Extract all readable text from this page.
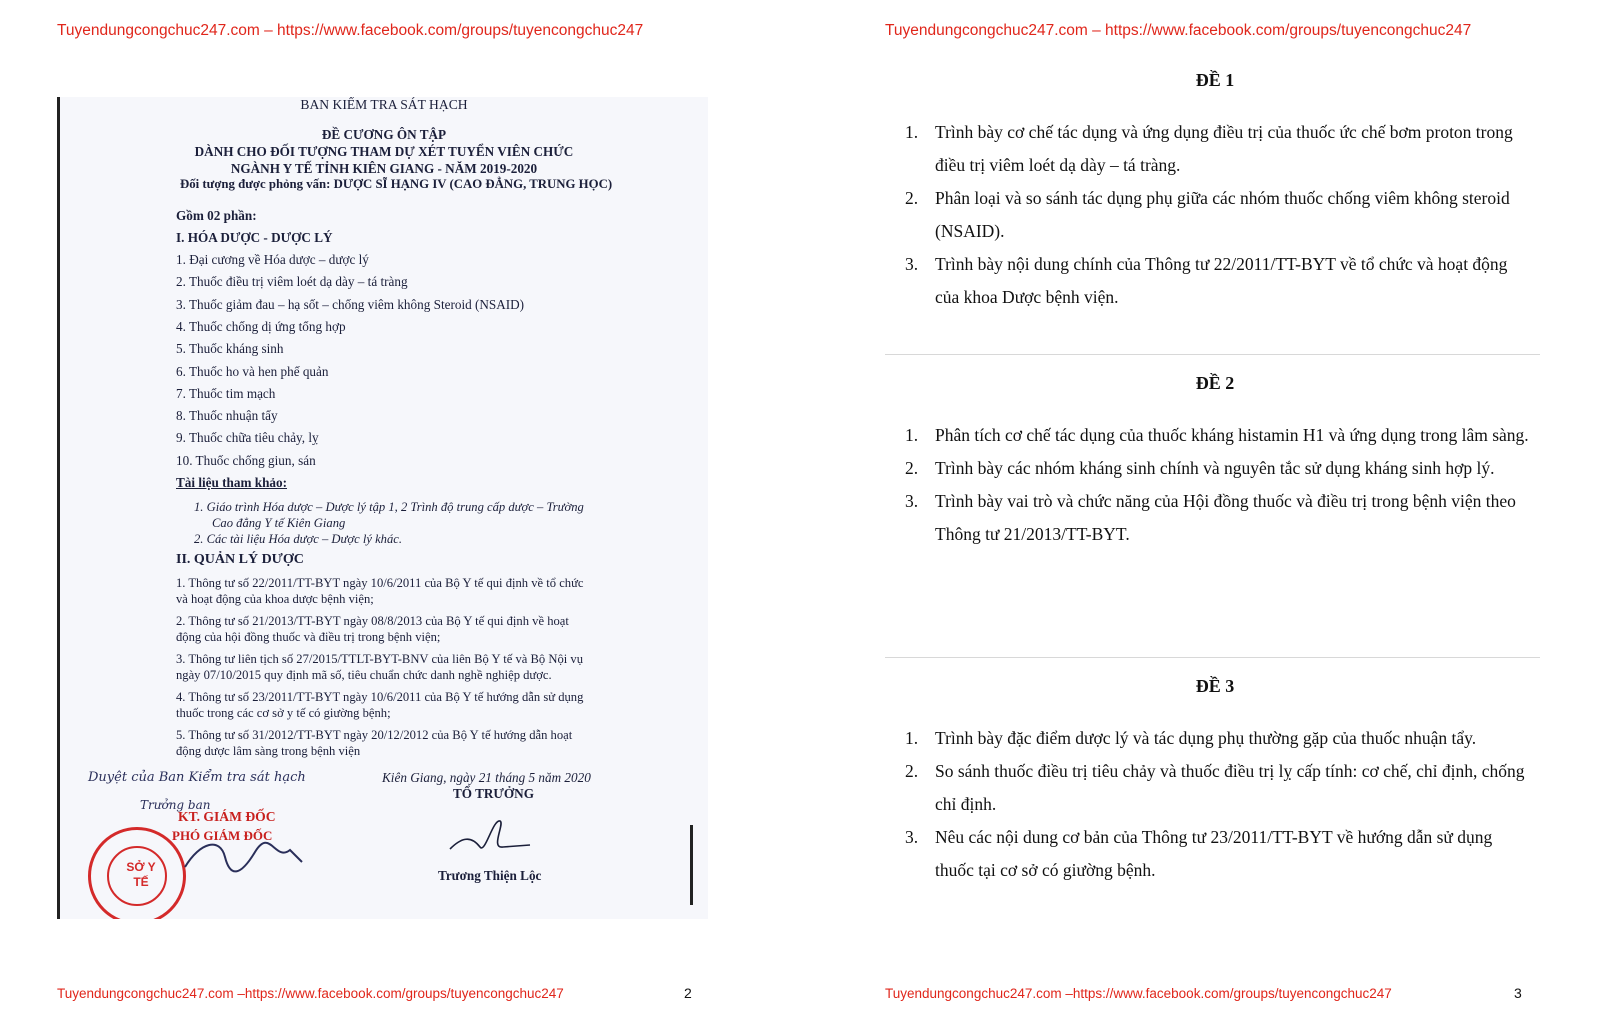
Tuyendungcongchuc247.com – https://www.facebook.com/groups/tuyencongchuc247
BAN KIỂM TRA SÁT HẠCH
ĐỀ CƯƠNG ÔN TẬP
DÀNH CHO ĐỐI TƯỢNG THAM DỰ XÉT TUYỂN VIÊN CHỨC
NGÀNH Y TẾ TỈNH KIÊN GIANG - NĂM 2019-2020
Đối tượng được phỏng vấn: DƯỢC SĨ HẠNG IV (CAO ĐẲNG, TRUNG HỌC)
Gồm 02 phần:
I. HÓA DƯỢC - DƯỢC LÝ
1. Đại cương về Hóa dược – dược lý
2. Thuốc điều trị viêm loét dạ dày – tá tràng
3. Thuốc giảm đau – hạ sốt – chống viêm không Steroid (NSAID)
4. Thuốc chống dị ứng tổng hợp
5. Thuốc kháng sinh
6. Thuốc ho và hen phế quản
7. Thuốc tim mạch
8. Thuốc nhuận tẩy
9. Thuốc chữa tiêu chảy, lỵ
10. Thuốc chống giun, sán
Tài liệu tham khảo:
1. Giáo trình Hóa dược – Dược lý tập 1, 2 Trình độ trung cấp dược – Trường
Cao đẳng Y tế Kiên Giang
2. Các tài liệu Hóa dược – Dược lý khác.
II. QUẢN LÝ DƯỢC
1. Thông tư số 22/2011/TT-BYT ngày 10/6/2011 của Bộ Y tế qui định về tổ chức
và hoạt động của khoa dược bệnh viện;
2. Thông tư số 21/2013/TT-BYT ngày 08/8/2013 của Bộ Y tế qui định về hoạt
động của hội đồng thuốc và điều trị trong bệnh viện;
3. Thông tư liên tịch số 27/2015/TTLT-BYT-BNV của liên Bộ Y tế và Bộ Nội vụ
ngày 07/10/2015 quy định mã số, tiêu chuẩn chức danh nghề nghiệp dược.
4. Thông tư số 23/2011/TT-BYT ngày 10/6/2011 của Bộ Y tế hướng dẫn sử dụng
thuốc trong các cơ sở y tế có giường bệnh;
5. Thông tư số 31/2012/TT-BYT ngày 20/12/2012 của Bộ Y tế hướng dẫn hoạt
động dược lâm sàng trong bệnh viện
Kiên Giang, ngày 21 tháng 5 năm 2020
TỔ TRƯỞNG
Duyệt của Ban Kiểm tra sát hạch
Trưởng ban
KT. GIÁM ĐỐC
PHÓ GIÁM ĐỐC
SỞ Y TẾ	Trương Thiện Lộc
Tuyendungcongchuc247.com –https://www.facebook.com/groups/tuyencongchuc247	2
Tuyendungcongchuc247.com – https://www.facebook.com/groups/tuyencongchuc247
ĐỀ 1
1. Trình bày cơ chế tác dụng và ứng dụng điều trị của thuốc ức chế bơm proton trong điều trị viêm loét dạ dày – tá tràng.
2. Phân loại và so sánh tác dụng phụ giữa các nhóm thuốc chống viêm không steroid (NSAID).
3. Trình bày nội dung chính của Thông tư 22/2011/TT-BYT về tổ chức và hoạt động của khoa Dược bệnh viện.
ĐỀ 2
1. Phân tích cơ chế tác dụng của thuốc kháng histamin H1 và ứng dụng trong lâm sàng.
2. Trình bày các nhóm kháng sinh chính và nguyên tắc sử dụng kháng sinh hợp lý.
3. Trình bày vai trò và chức năng của Hội đồng thuốc và điều trị trong bệnh viện theo Thông tư 21/2013/TT-BYT.
ĐỀ 3
1. Trình bày đặc điểm dược lý và tác dụng phụ thường gặp của thuốc nhuận tẩy.
2. So sánh thuốc điều trị tiêu chảy và thuốc điều trị lỵ cấp tính: cơ chế, chỉ định, chống chỉ định.
3. Nêu các nội dung cơ bản của Thông tư 23/2011/TT-BYT về hướng dẫn sử dụng thuốc tại cơ sở có giường bệnh.
Tuyendungcongchuc247.com –https://www.facebook.com/groups/tuyencongchuc247	3
